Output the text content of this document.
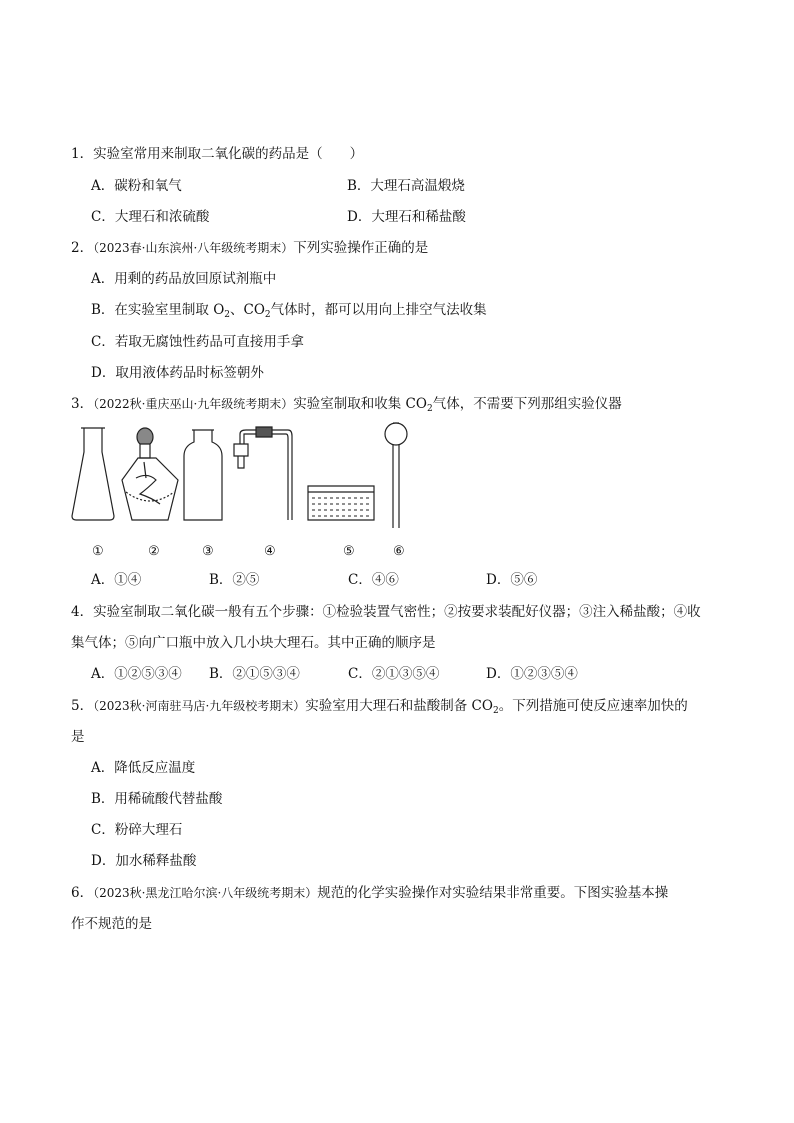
1．实验室常用来制取二氧化碳的药品是（　　）
A．碳粉和氧气	B．大理石高温煅烧
C．大理石和浓硫酸	D．大理石和稀盐酸
2．（2023春·山东滨州·八年级统考期末）下列实验操作正确的是
A．用剩的药品放回原试剂瓶中
B．在实验室里制取 $O_2$、$CO_2$气体时，都可以用向上排空气法收集
C．若取无腐蚀性药品可直接用手拿
D．取用液体药品时标签朝外
3．（2022秋·重庆巫山·九年级统考期末）实验室制取和收集 $CO_2$气体，不需要下列那组实验仪器
①	②	③	④	⑤	⑥
A．①④	B．②⑤	C．④⑥	D．⑤⑥
4．实验室制取二氧化碳一般有五个步骤：①检验装置气密性；②按要求装配好仪器；③注入稀盐酸；④收
集气体；⑤向广口瓶中放入几小块大理石。其中正确的顺序是
A．①②⑤③④ B．②①⑤③④	C．②①③⑤④	D．①②③⑤④
5．（2023秋·河南驻马店·九年级校考期末）实验室用大理石和盐酸制备 $CO_2$。下列措施可使反应速率加快的
是
A．降低反应温度
B．用稀硫酸代替盐酸
C．粉碎大理石
D．加水稀释盐酸
6．（2023秋·黑龙江哈尔滨·八年级统考期末）规范的化学实验操作对实验结果非常重要。下图实验基本操
作不规范的是
